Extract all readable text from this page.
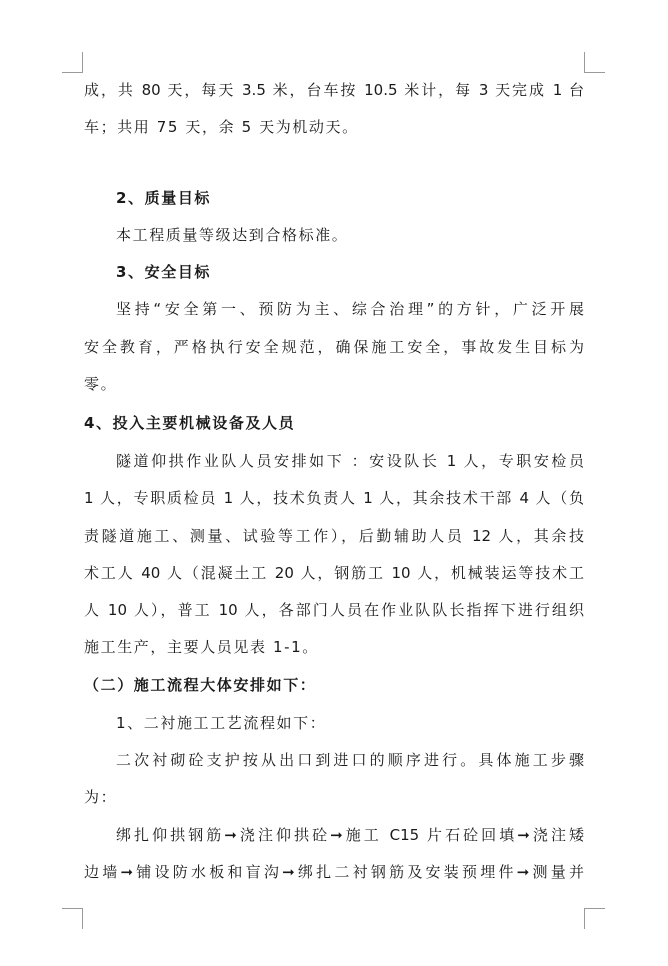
成，共 80 天，每天 3.5 米，台车按 10.5 米计，每 3 天完成 1 台
车；共用 75 天，余 5 天为机动天。
2、质量目标
本工程质量等级达到合格标准。
3、安全目标
坚持“安全第一、预防为主、综合治理”的方针，广泛开展
安全教育，严格执行安全规范，确保施工安全，事故发生目标为
零。
4、投入主要机械设备及人员
隧道仰拱作业队人员安排如下 ：安设队长 1 人，专职安检员
1 人，专职质检员 1 人，技术负责人 1 人，其余技术干部 4 人（负
责隧道施工、测量、试验等工作），后勤辅助人员 12 人，其余技
术工人 40 人（混凝土工 20 人，钢筋工 10 人，机械装运等技术工
人 10 人），普工 10 人，各部门人员在作业队队长指挥下进行组织
施工生产，主要人员见表 1-1。
（二）施工流程大体安排如下：
1、二衬施工工艺流程如下：
二次衬砌砼支护按从出口到进口的顺序进行。具体施工步骤
为：
绑扎仰拱钢筋➞浇注仰拱砼➞施工 C15 片石砼回填➞浇注矮
边墙➞铺设防水板和盲沟➞绑扎二衬钢筋及安装预埋件➞测量并
